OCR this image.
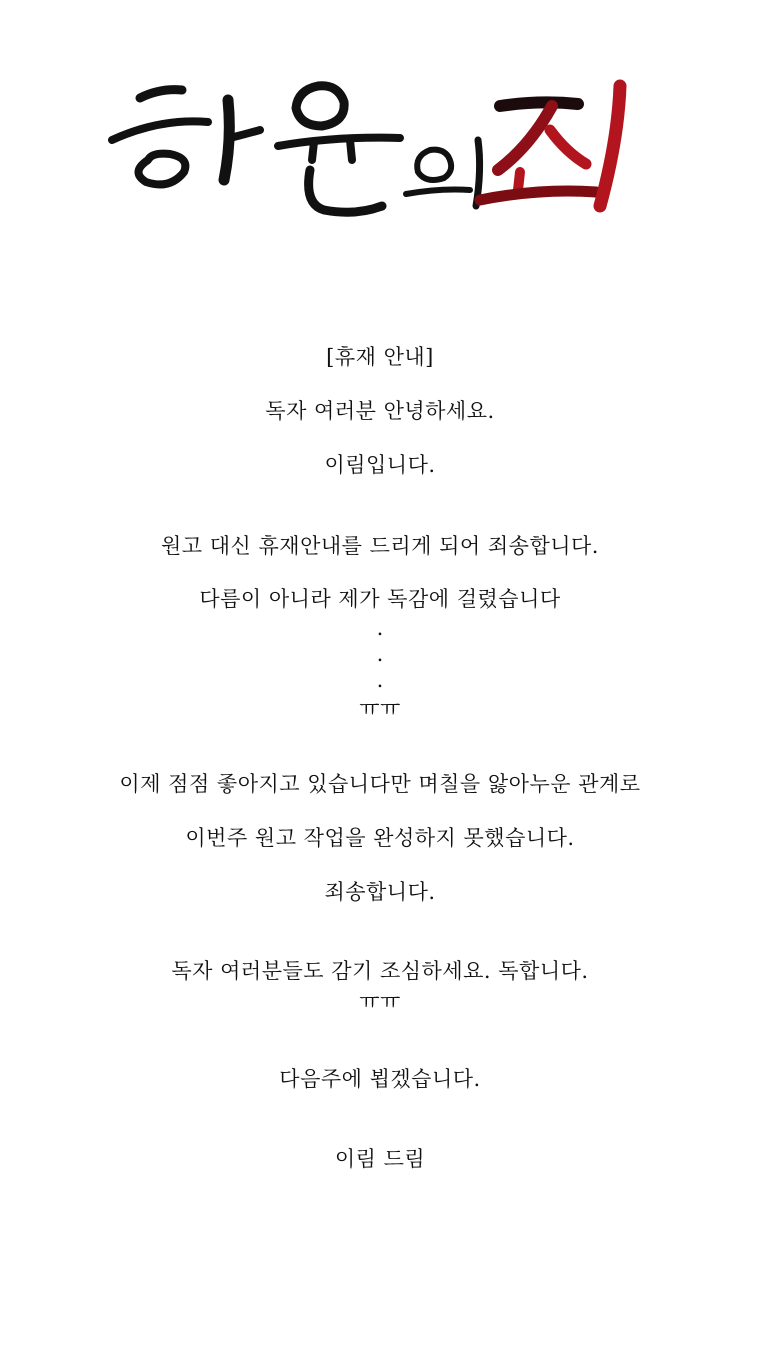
[휴재 안내]
독자 여러분 안녕하세요.
이림입니다.
원고 대신 휴재안내를 드리게 되어 죄송합니다.
다름이 아니라 제가 독감에 걸렸습니다
.
.
.
ㅠㅠ
이제 점점 좋아지고 있습니다만 며칠을 앓아누운 관계로
이번주 원고 작업을 완성하지 못했습니다.
죄송합니다.
독자 여러분들도 감기 조심하세요. 독합니다.
ㅠㅠ
다음주에 뵙겠습니다.
이림 드림
